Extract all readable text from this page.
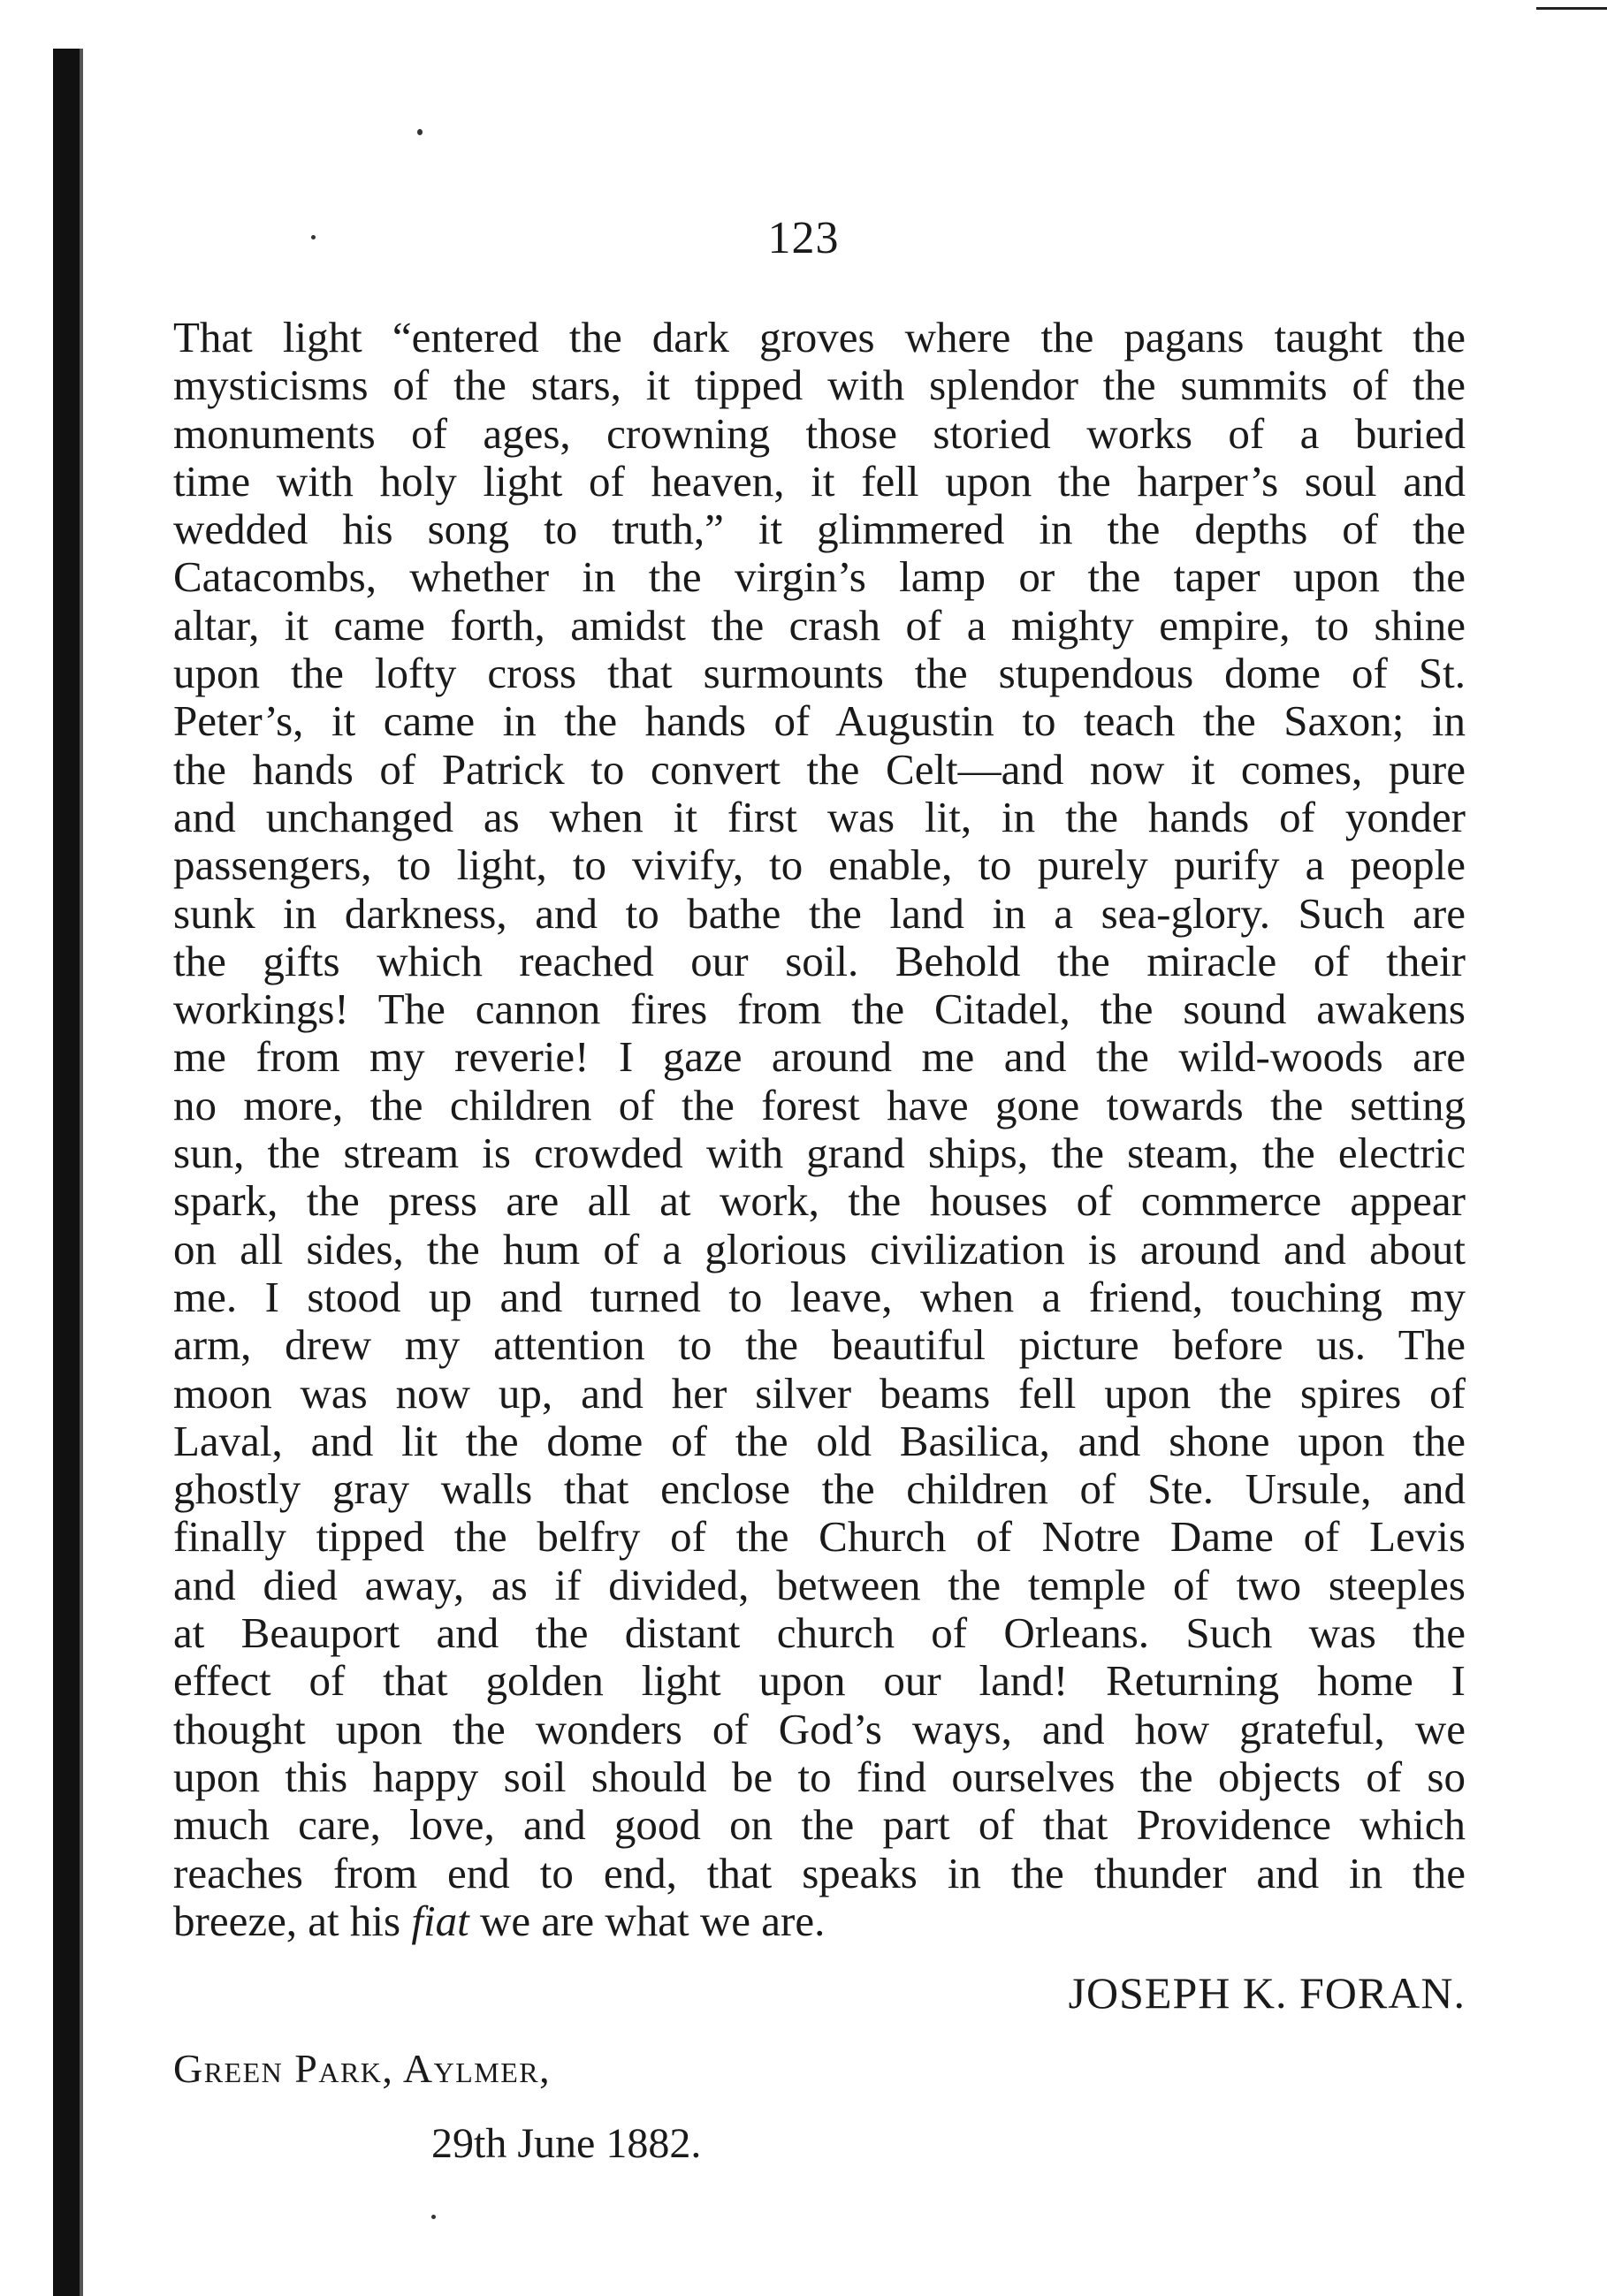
123
That light “entered the dark groves where the pagans taught the
mysticisms of the stars, it tipped with splendor the summits of the
monuments of ages, crowning those storied works of a buried
time with holy light of heaven, it fell upon the harper’s soul and
wedded his song to truth,” it glimmered in the depths of the
Catacombs, whether in the virgin’s lamp or the taper upon the
altar, it came forth, amidst the crash of a mighty empire, to shine
upon the lofty cross that surmounts the stupendous dome of St.
Peter’s, it came in the hands of Augustin to teach the Saxon; in
the hands of Patrick to convert the Celt—and now it comes, pure
and unchanged as when it first was lit, in the hands of yonder
passengers, to light, to vivify, to enable, to purely purify a people
sunk in darkness, and to bathe the land in a sea-glory. Such are
the gifts which reached our soil. Behold the miracle of their
workings! The cannon fires from the Citadel, the sound awakens
me from my reverie! I gaze around me and the wild-woods are
no more, the children of the forest have gone towards the setting
sun, the stream is crowded with grand ships, the steam, the electric
spark, the press are all at work, the houses of commerce appear
on all sides, the hum of a glorious civilization is around and about
me. I stood up and turned to leave, when a friend, touching my
arm, drew my attention to the beautiful picture before us. The
moon was now up, and her silver beams fell upon the spires of
Laval, and lit the dome of the old Basilica, and shone upon the
ghostly gray walls that enclose the children of Ste. Ursule, and
finally tipped the belfry of the Church of Notre Dame of Levis
and died away, as if divided, between the temple of two steeples
at Beauport and the distant church of Orleans. Such was the
effect of that golden light upon our land! Returning home I
thought upon the wonders of God’s ways, and how grateful, we
upon this happy soil should be to find ourselves the objects of so
much care, love, and good on the part of that Providence which
reaches from end to end, that speaks in the thunder and in the
breeze, at his fiat we are what we are.
JOSEPH K. FORAN.
Green Park, Aylmer,
29th June 1882.
